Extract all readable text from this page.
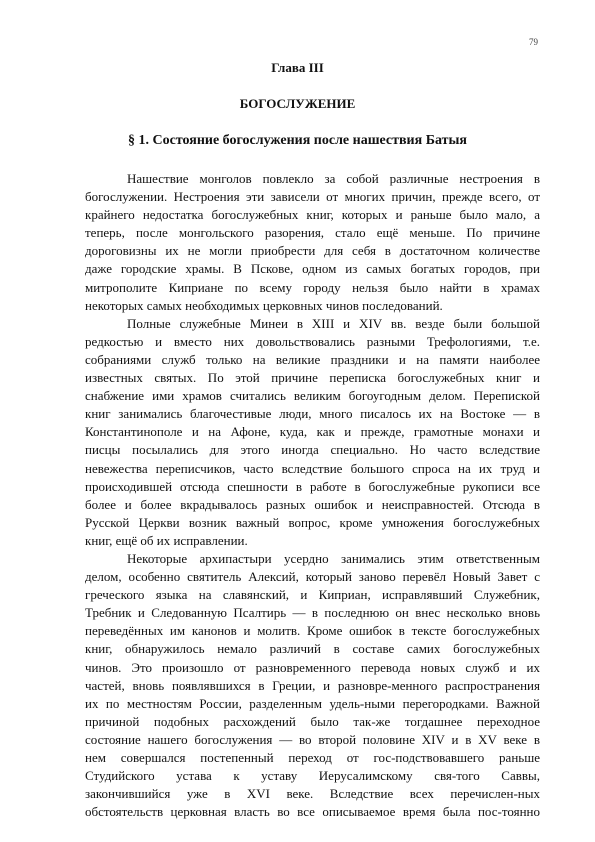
79
Глава III
БОГОСЛУЖЕНИЕ
§ 1. Состояние богослужения после нашествия Батыя
Нашествие монголов повлекло за собой различные нестроения в
богослужении. Нестроения эти зависели от многих причин, прежде всего, от
крайнего недостатка богослужебных книг, которых и раньше было мало, а
теперь, после монгольского разорения, стало ещё меньше. По причине
дороговизны их не могли приобрести для себя в достаточном количестве
даже городские храмы. В Пскове, одном из самых богатых городов, при
митрополите Киприане по всему городу нельзя было найти в храмах
некоторых самых необходимых церковных чинов последований.
Полные служебные Минеи в XIII и XIV вв. везде были большой
редкостью и вместо них довольствовались разными Трефологиями, т.е.
собраниями служб только на великие праздники и на памяти наиболее
известных святых. По этой причине переписка богослужебных книг и
снабжение ими храмов считались великим богоугодным делом. Перепиской
книг занимались благочестивые люди, много писалось их на Востоке — в
Константинополе и на Афоне, куда, как и прежде, грамотные монахи и
писцы посылались для этого иногда специально. Но часто вследствие
невежества переписчиков, часто вследствие большого спроса на их труд и
происходившей отсюда спешности в работе в богослужебные рукописи все
более и более вкрадывалось разных ошибок и неисправностей. Отсюда в
Русской Церкви возник важный вопрос, кроме умножения богослужебных
книг, ещё об их исправлении.
Некоторые архипастыри усердно занимались этим ответственным
делом, особенно святитель Алексий, который заново перевёл Новый Завет с
греческого языка на славянский, и Киприан, исправлявший Служебник,
Требник и Следованную Псалтирь — в последнюю он внес несколько вновь
переведённых им канонов и молитв. Кроме ошибок в тексте богослужебных
книг, обнаружилось немало различий в составе самих богослужебных
чинов. Это произошло от разновременного перевода новых служб и их
частей, вновь появлявшихся в Греции, и разновре-менного распространения
их по местностям России, разделенным удель-ными перегородками. Важной
причиной подобных расхождений было так-же тогдашнее переходное
состояние нашего богослужения — во второй половине XIV и в XV веке в
нем совершался постепенный переход от гос-подствовавшего раньше
Студийского устава к уставу Иерусалимскому свя-того Саввы,
закончившийся уже в XVI веке. Вследствие всех перечислен-ных
обстоятельств церковная власть во все описываемое время была пос-тоянно
